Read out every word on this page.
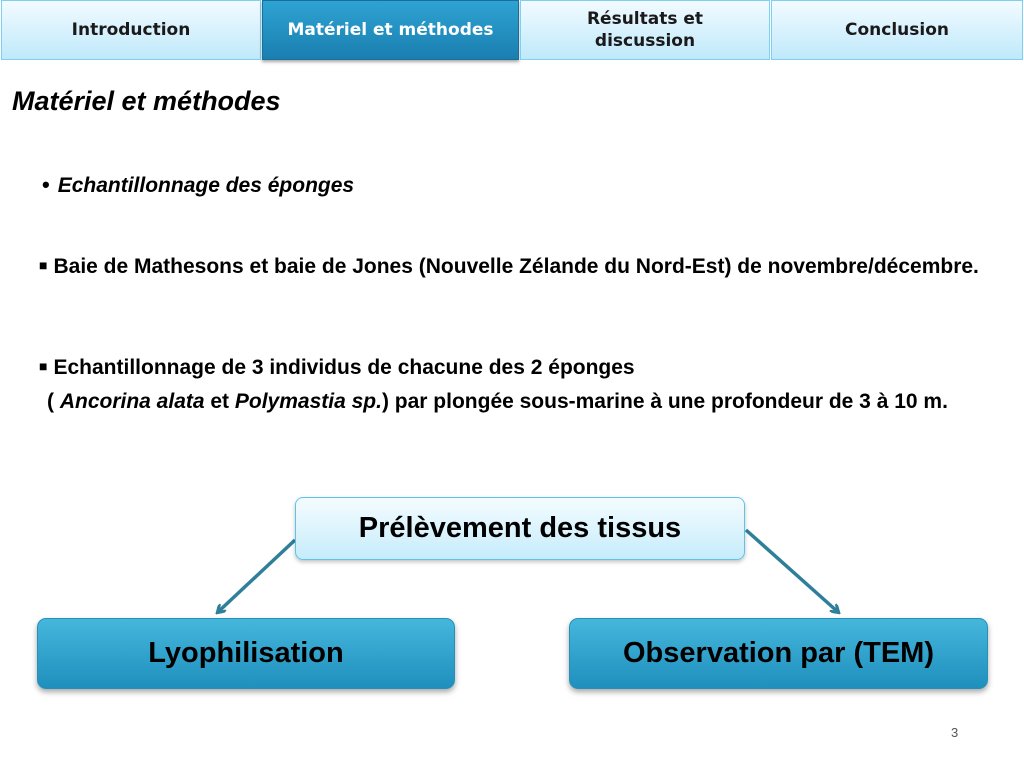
Introduction	Matériel et méthodes
Résultats et
discussion
Conclusion
Matériel et méthodes
• Echantillonnage des éponges
■ Baie de Mathesons et baie de Jones (Nouvelle Zélande du Nord-Est) de novembre/décembre.
■ Echantillonnage de 3 individus de chacune des 2 éponges
( Ancorina alata et Polymastia sp.) par plongée sous-marine à une profondeur de 3 à 10 m.
Prélèvement des tissus
Lyophilisation	Observation par (TEM)
3
